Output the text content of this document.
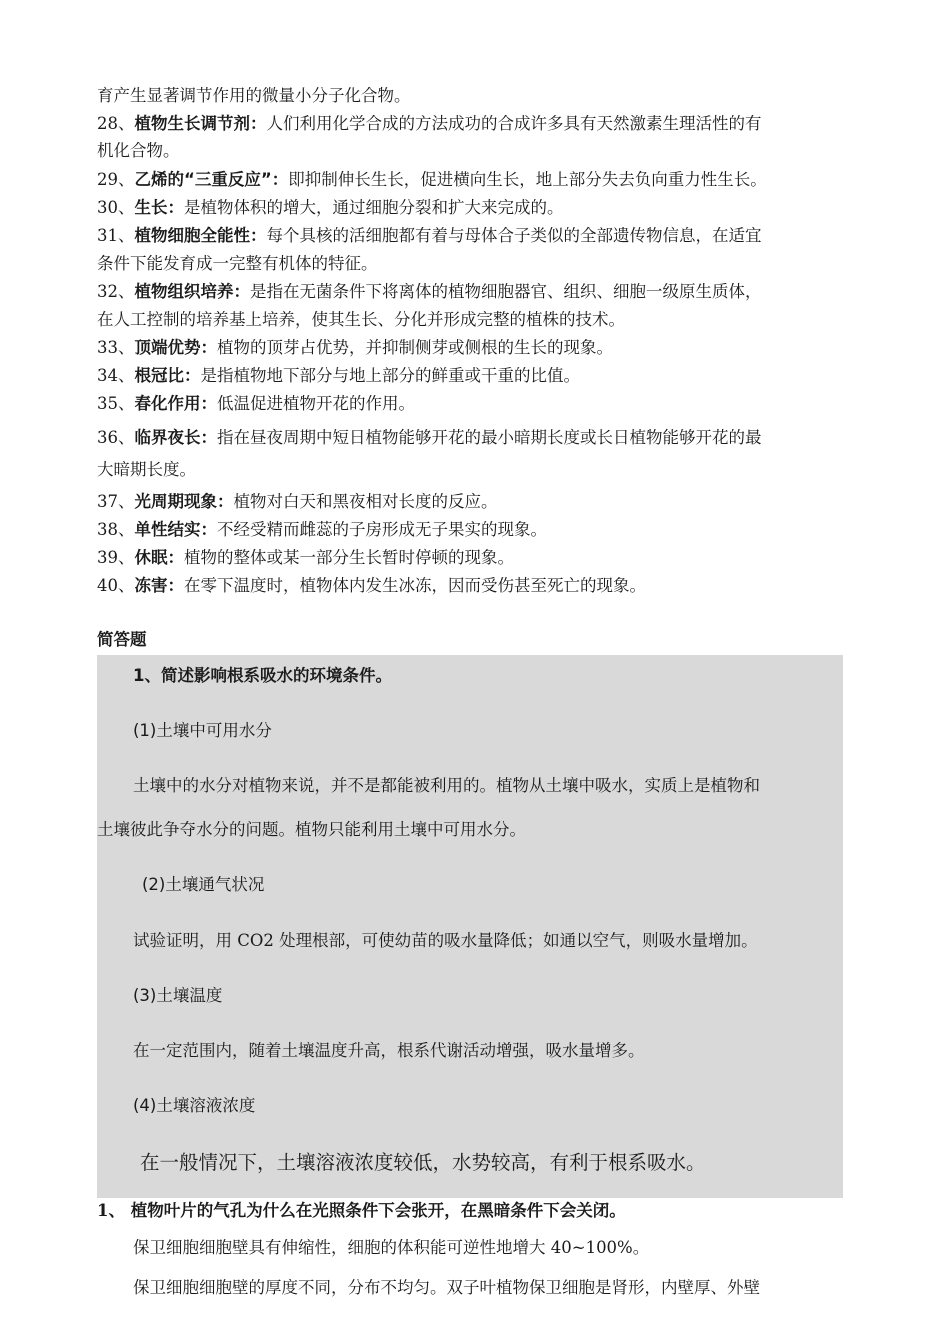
育产生显著调节作用的微量小分子化合物。
28、植物生长调节剂：人们利用化学合成的方法成功的合成许多具有天然激素生理活性的有
机化合物。
29、乙烯的“三重反应”：即抑制伸长生长，促进横向生长，地上部分失去负向重力性生长。
30、生长：是植物体积的增大，通过细胞分裂和扩大来完成的。
31、植物细胞全能性：每个具核的活细胞都有着与母体合子类似的全部遗传物信息，在适宜
条件下能发育成一完整有机体的特征。
32、植物组织培养：是指在无菌条件下将离体的植物细胞器官、组织、细胞一级原生质体，
在人工控制的培养基上培养，使其生长、分化并形成完整的植株的技术。
33、顶端优势：植物的顶芽占优势，并抑制侧芽或侧根的生长的现象。
34、根冠比：是指植物地下部分与地上部分的鲜重或干重的比值。
35、春化作用：低温促进植物开花的作用。
36、临界夜长：指在昼夜周期中短日植物能够开花的最小暗期长度或长日植物能够开花的最
大暗期长度。
37、光周期现象：植物对白天和黑夜相对长度的反应。
38、单性结实：不经受精而雌蕊的子房形成无子果实的现象。
39、休眠：植物的整体或某一部分生长暂时停顿的现象。
40、冻害：在零下温度时，植物体内发生冰冻，因而受伤甚至死亡的现象。
简答题
1、简述影响根系吸水的环境条件。
(1)土壤中可用水分
土壤中的水分对植物来说，并不是都能被利用的。植物从土壤中吸水，实质上是植物和
土壤彼此争夺水分的问题。植物只能利用土壤中可用水分。
(2)土壤通气状况
试验证明，用 CO2 处理根部，可使幼苗的吸水量降低；如通以空气，则吸水量增加。
(3)土壤温度
在一定范围内，随着土壤温度升高，根系代谢活动增强，吸水量增多。
(4)土壤溶液浓度
在一般情况下，土壤溶液浓度较低，水势较高，有利于根系吸水。
1、 植物叶片的气孔为什么在光照条件下会张开，在黑暗条件下会关闭。
保卫细胞细胞壁具有伸缩性，细胞的体积能可逆性地增大 40~100%。
保卫细胞细胞壁的厚度不同，分布不均匀。双子叶植物保卫细胞是肾形，内壁厚、外壁
